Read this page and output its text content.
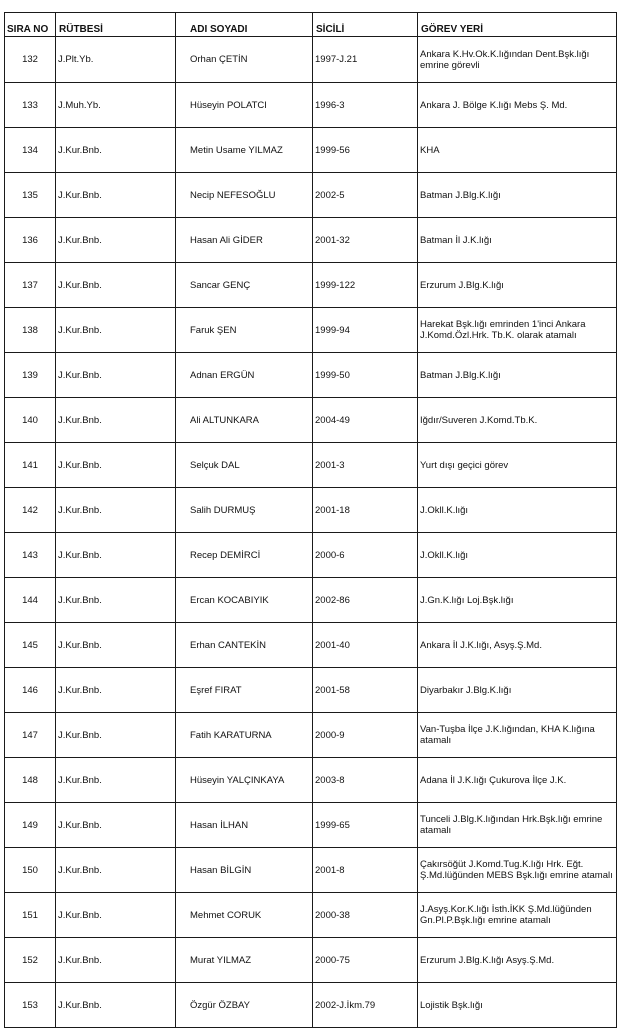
SIRA NO	RÜTBESİ	ADI SOYADI	SİCİLİ	GÖREV YERİ
132	J.Plt.Yb.	Orhan ÇETİN	1997-J.21	Ankara K.Hv.Ok.K.lığından Dent.Bşk.lığı emrine görevli
133	J.Muh.Yb.	Hüseyin POLATCI	1996-3	Ankara J. Bölge K.lığı Mebs Ş. Md.
134	J.Kur.Bnb.	Metin Usame YILMAZ	1999-56	KHA
135	J.Kur.Bnb.	Necip NEFESOĞLU	2002-5	Batman J.Blg.K.lığı
136	J.Kur.Bnb.	Hasan Ali GİDER	2001-32	Batman İl J.K.lığı
137	J.Kur.Bnb.	Sancar GENÇ	1999-122	Erzurum J.Blg.K.lığı
138	J.Kur.Bnb.	Faruk ŞEN	1999-94	Harekat Bşk.lığı emrinden 1'inci Ankara J.Komd.Özl.Hrk. Tb.K. olarak atamalı
139	J.Kur.Bnb.	Adnan ERGÜN	1999-50	Batman J.Blg.K.lığı
140	J.Kur.Bnb.	Ali ALTUNKARA	2004-49	Iğdır/Suveren J.Komd.Tb.K.
141	J.Kur.Bnb.	Selçuk DAL	2001-3	Yurt dışı geçici görev
142	J.Kur.Bnb.	Salih DURMUŞ	2001-18	J.Okll.K.lığı
143	J.Kur.Bnb.	Recep DEMİRCİ	2000-6	J.Okll.K.lığı
144	J.Kur.Bnb.	Ercan KOCABIYIK	2002-86	J.Gn.K.lığı Loj.Bşk.lığı
145	J.Kur.Bnb.	Erhan CANTEKİN	2001-40	Ankara İl J.K.lığı, Asyş.Ş.Md.
146	J.Kur.Bnb.	Eşref FIRAT	2001-58	Diyarbakır J.Blg.K.lığı
147	J.Kur.Bnb.	Fatih KARATURNA	2000-9	Van-Tuşba İlçe J.K.lığından, KHA K.lığına atamalı
148	J.Kur.Bnb.	Hüseyin YALÇINKAYA	2003-8	Adana İl J.K.lığı Çukurova İlçe J.K.
149	J.Kur.Bnb.	Hasan İLHAN	1999-65	Tunceli J.Blg.K.lığından Hrk.Bşk.lığı emrine atamalı
150	J.Kur.Bnb.	Hasan BİLGİN	2001-8	Çakırsöğüt J.Komd.Tug.K.lığı Hrk. Eğt. Ş.Md.lüğünden MEBS Bşk.lığı emrine atamalı
151	J.Kur.Bnb.	Mehmet CORUK	2000-38	J.Asyş.Kor.K.lığı İsth.İKK Ş.Md.lüğünden Gn.Pl.P.Bşk.lığı emrine atamalı
152	J.Kur.Bnb.	Murat YILMAZ	2000-75	Erzurum J.Blg.K.lığı Asyş.Ş.Md.
153	J.Kur.Bnb.	Özgür ÖZBAY	2002-J.İkm.79	Lojistik Bşk.lığı
